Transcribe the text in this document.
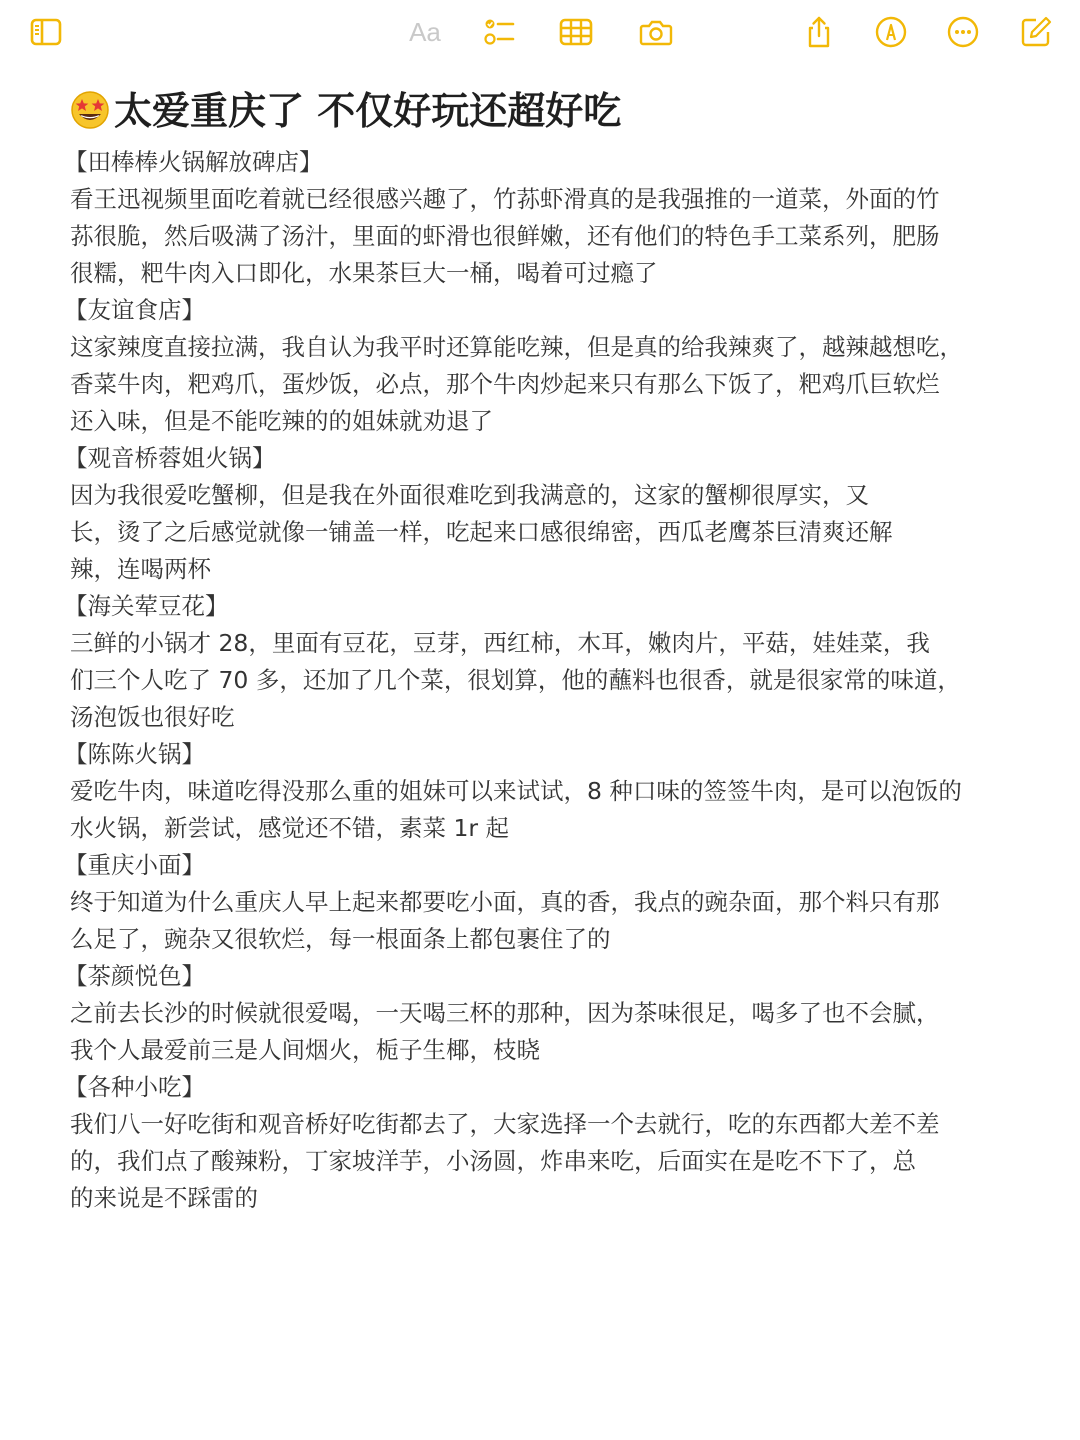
Aa
太爱重庆了 不仅好玩还超好吃
【田棒棒火锅解放碑店】
看王迅视频里面吃着就已经很感兴趣了，竹荪虾滑真的是我强推的一道菜，外面的竹
荪很脆，然后吸满了汤汁，里面的虾滑也很鲜嫩，还有他们的特色手工菜系列，肥肠
很糯，粑牛肉入口即化，水果茶巨大一桶，喝着可过瘾了
【友谊食店】
这家辣度直接拉满，我自认为我平时还算能吃辣，但是真的给我辣爽了，越辣越想吃，
香菜牛肉，粑鸡爪，蛋炒饭，必点，那个牛肉炒起来只有那么下饭了，粑鸡爪巨软烂
还入味，但是不能吃辣的的姐妹就劝退了
【观音桥蓉姐火锅】
因为我很爱吃蟹柳，但是我在外面很难吃到我满意的，这家的蟹柳很厚实，又
长，烫了之后感觉就像一铺盖一样，吃起来口感很绵密，西瓜老鹰茶巨清爽还解
辣，连喝两杯
【海关荤豆花】
三鲜的小锅才 28，里面有豆花，豆芽，西红柿，木耳，嫩肉片，平菇，娃娃菜，我
们三个人吃了 70 多，还加了几个菜，很划算，他的蘸料也很香，就是很家常的味道，
汤泡饭也很好吃
【陈陈火锅】
爱吃牛肉，味道吃得没那么重的姐妹可以来试试，8 种口味的签签牛肉，是可以泡饭的
水火锅，新尝试，感觉还不错，素菜 1r 起
【重庆小面】
终于知道为什么重庆人早上起来都要吃小面，真的香，我点的豌杂面，那个料只有那
么足了，豌杂又很软烂，每一根面条上都包裹住了的
【茶颜悦色】
之前去长沙的时候就很爱喝，一天喝三杯的那种，因为茶味很足，喝多了也不会腻，
我个人最爱前三是人间烟火，栀子生椰，枝晓
【各种小吃】
我们八一好吃街和观音桥好吃街都去了，大家选择一个去就行，吃的东西都大差不差
的，我们点了酸辣粉，丁家坡洋芋，小汤圆，炸串来吃，后面实在是吃不下了，总
的来说是不踩雷的
